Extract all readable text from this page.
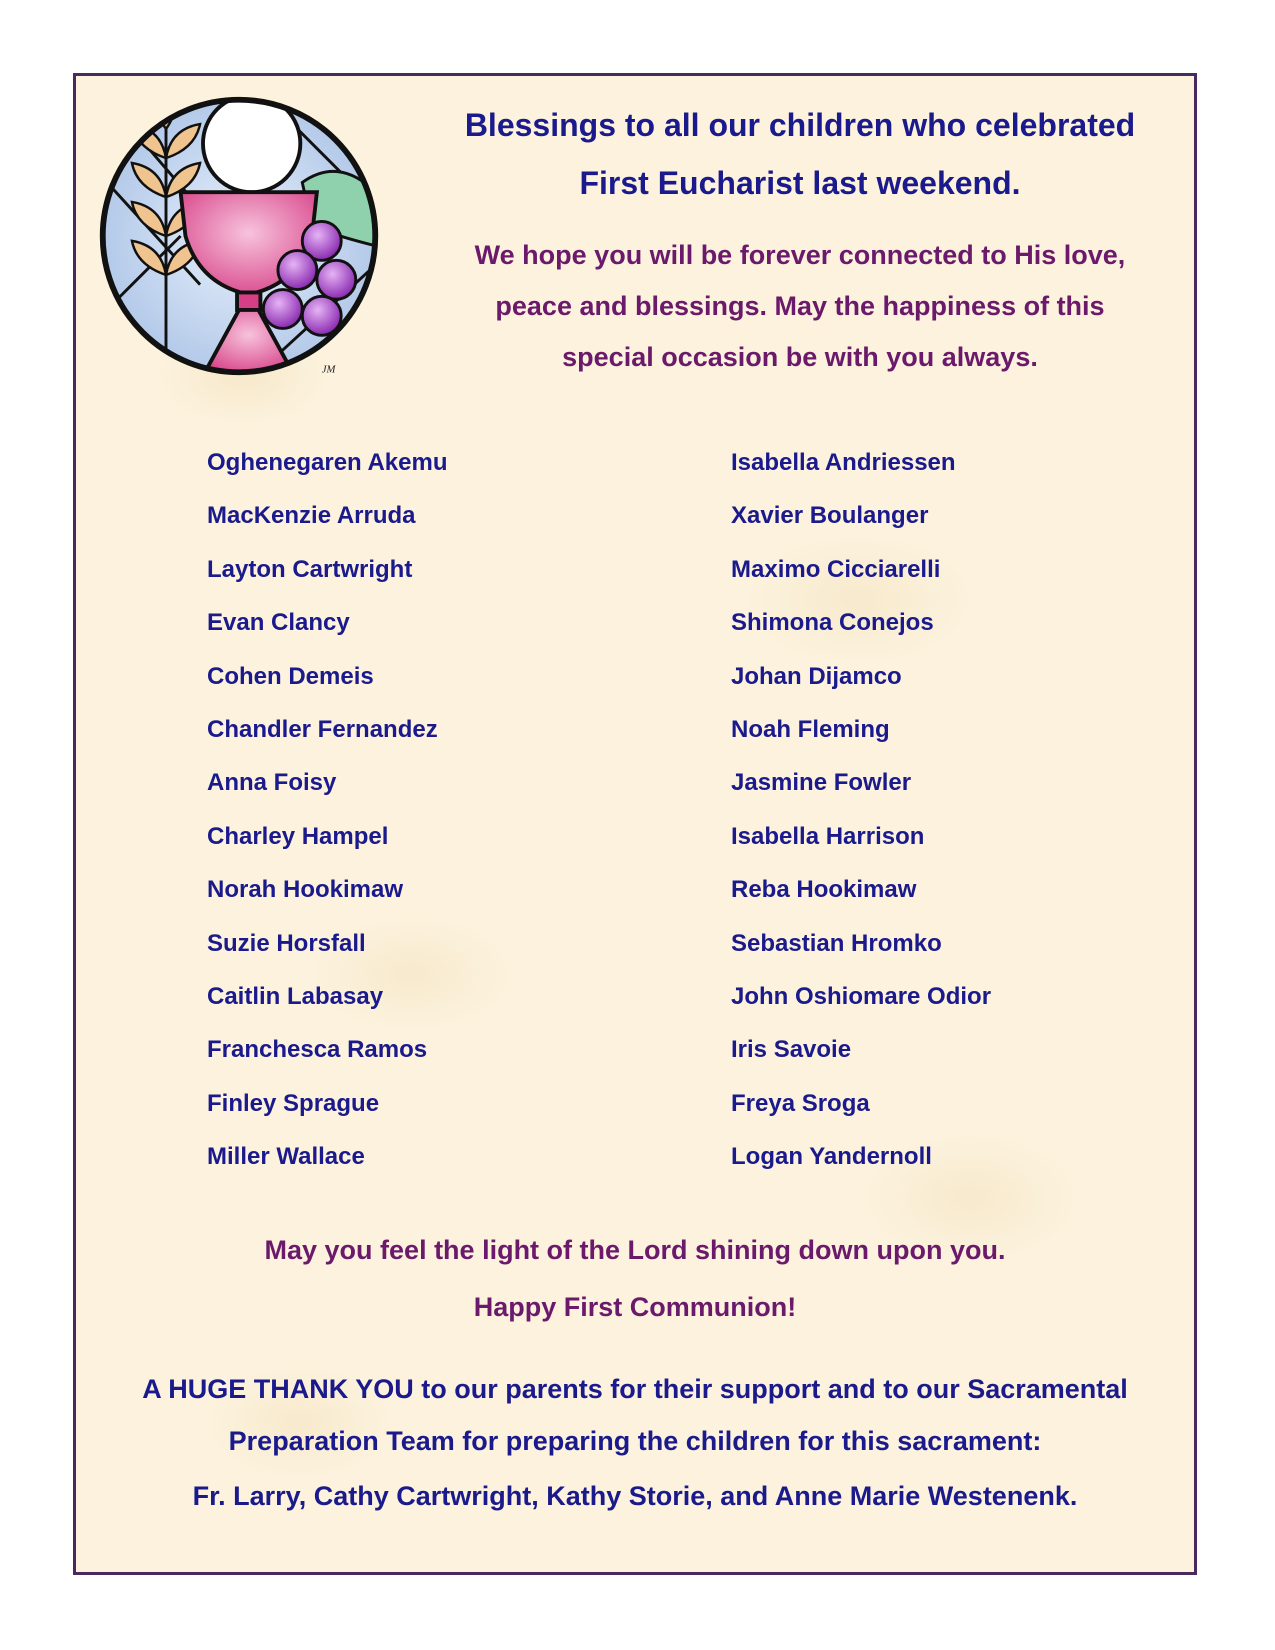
JM
Blessings to all our children who celebrated
First Eucharist last weekend.
We hope you will be forever connected to His love,
peace and blessings. May the happiness of this
special occasion be with you always.
Oghenegaren Akemu
MacKenzie Arruda
Layton Cartwright
Evan Clancy
Cohen Demeis
Chandler Fernandez
Anna Foisy
Charley Hampel
Norah Hookimaw
Suzie Horsfall
Caitlin Labasay
Franchesca Ramos
Finley Sprague
Miller Wallace
Isabella Andriessen
Xavier Boulanger
Maximo Cicciarelli
Shimona Conejos
Johan Dijamco
Noah Fleming
Jasmine Fowler
Isabella Harrison
Reba Hookimaw
Sebastian Hromko
John Oshiomare Odior
Iris Savoie
Freya Sroga
Logan Yandernoll
May you feel the light of the Lord shining down upon you.
Happy First Communion!
A HUGE THANK YOU to our parents for their support and to our Sacramental
Preparation Team for preparing the children for this sacrament:
Fr. Larry, Cathy Cartwright, Kathy Storie, and Anne Marie Westenenk.
